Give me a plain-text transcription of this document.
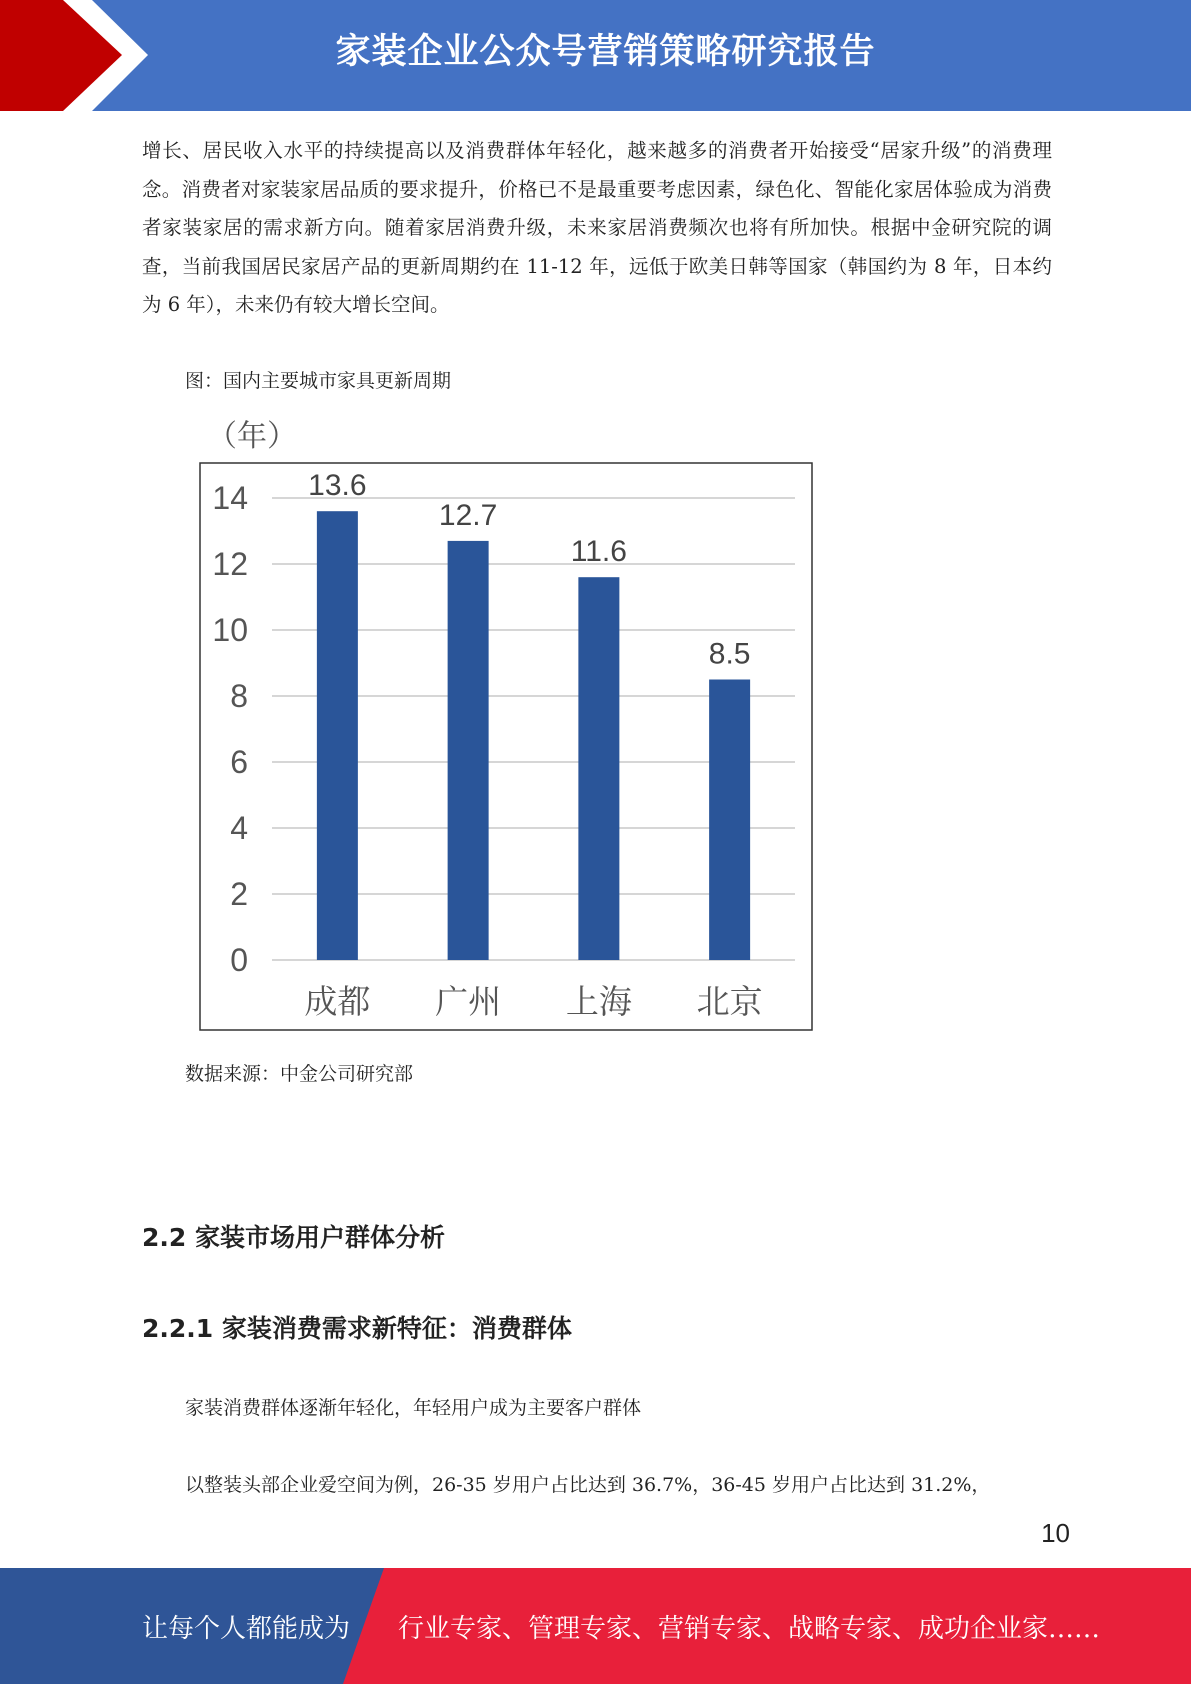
家装企业公众号营销策略研究报告

增长、居民收入水平的持续提高以及消费群体年轻化，越来越多的消费者开始接受“居家升级”的消费理念。消费者对家装家居品质的要求提升，价格已不是最重要考虑因素，绿色化、智能化家居体验成为消费者家装家居的需求新方向。随着家居消费升级，未来家居消费频次也将有所加快。根据中金研究院的调查，当前我国居民家居产品的更新周期约在 11-12 年，远低于欧美日韩等国家（韩国约为 8 年，日本约为 6 年），未来仍有较大增长空间。

图：国内主要城市家具更新周期

（年）
0
2
4
6
8
10
12
14 13.6
成都
12.7
广州
11.6
上海
8.5
北京

数据来源：中金公司研究部

2.2 家装市场用户群体分析
2.2.1 家装消费需求新特征：消费群体

家装消费群体逐渐年轻化，年轻用户成为主要客户群体

以整装头部企业爱空间为例，26-35 岁用户占比达到 36.7%，36-45 岁用户占比达到 31.2%，

10
让每个人都能成为 行业专家、管理专家、营销专家、战略专家、成功企业家……
